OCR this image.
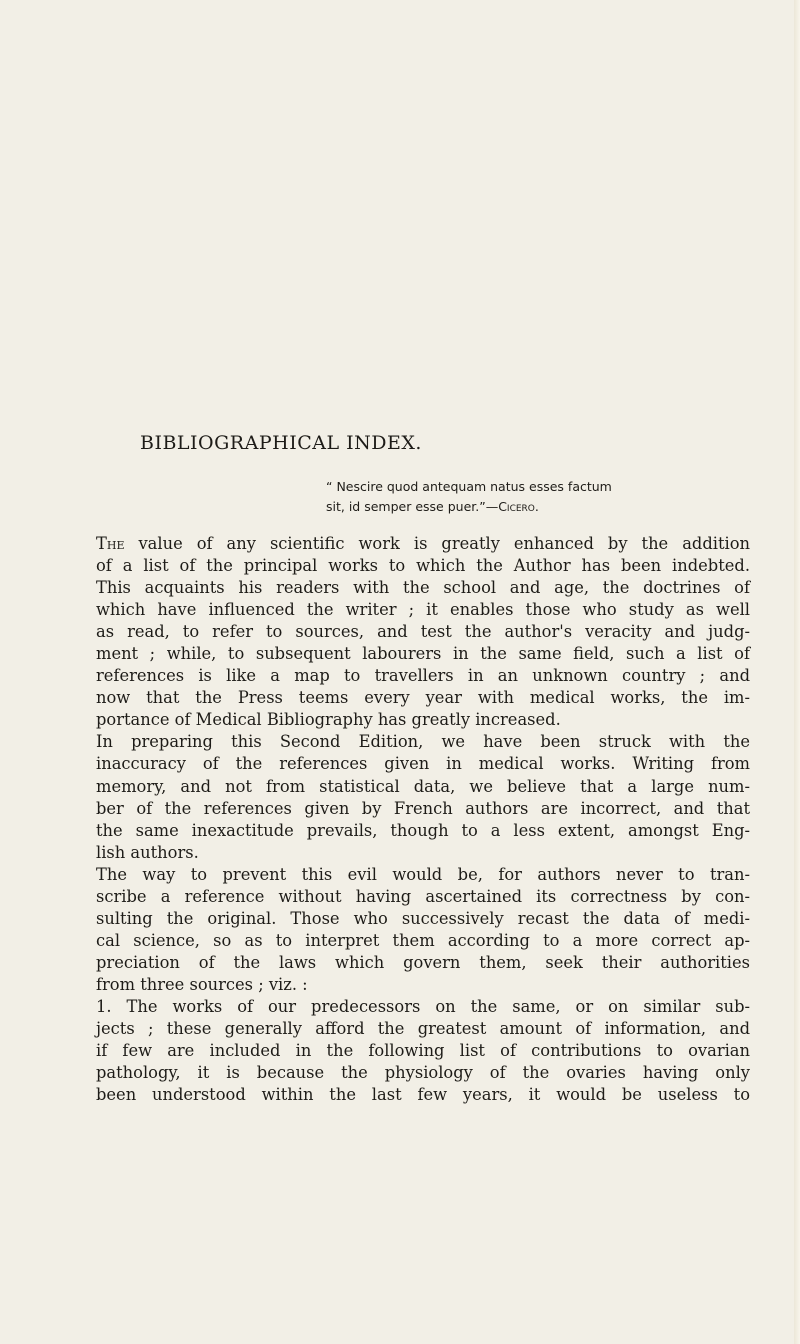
BIBLIOGRAPHICAL INDEX.

“ Nescire quod antequam natus esses factum
sit, id semper esse puer.”—Cicero.

The value of any scientific work is greatly enhanced by the addition
of a list of the principal works to which the Author has been indebted.
This acquaints his readers with the school and age, the doctrines of
which have influenced the writer ; it enables those who study as well
as read, to refer to sources, and test the author's veracity and judg-
ment ; while, to subsequent labourers in the same field, such a list of
references is like a map to travellers in an unknown country ; and
now that the Press teems every year with medical works, the im-
portance of Medical Bibliography has greatly increased.
In preparing this Second Edition, we have been struck with the
inaccuracy of the references given in medical works. Writing from
memory, and not from statistical data, we believe that a large num-
ber of the references given by French authors are incorrect, and that
the same inexactitude prevails, though to a less extent, amongst Eng-
lish authors.
The way to prevent this evil would be, for authors never to tran-
scribe a reference without having ascertained its correctness by con-
sulting the original. Those who successively recast the data of medi-
cal science, so as to interpret them according to a more correct ap-
preciation of the laws which govern them, seek their authorities
from three sources ; viz. :
1. The works of our predecessors on the same, or on similar sub-
jects ; these generally afford the greatest amount of information, and
if few are included in the following list of contributions to ovarian
pathology, it is because the physiology of the ovaries having only
been understood within the last few years, it would be useless to
